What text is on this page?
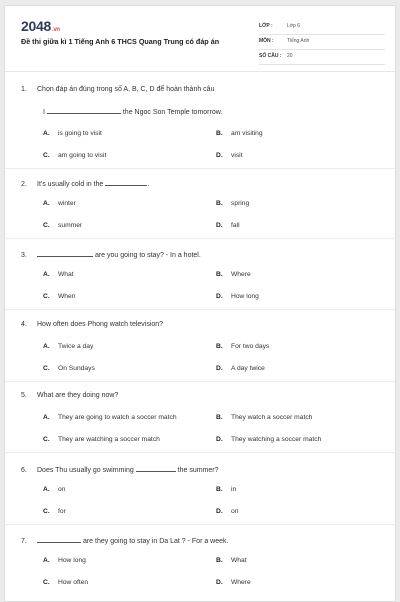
2048.vn
Đề thi giữa kì 1 Tiếng Anh 6 THCS Quang Trung có đáp án
LỚP :	Lớp 6
MÔN :	Tiếng Anh
SỐ CÂU :	20
1. Chọn đáp án đúng trong số A, B, C, D để hoàn thành câu
I	the Ngoc Son Temple tomorrow.
A. is going to visit	B. am visiting
C. am going to visit	D. visit
2. It's usually cold in the	.
A. winter	B. spring
C. summer	D. fall
3.	are you going to stay? - In a hotel.
A. What	B. Where
C. When	D. How long
4. How often does Phong watch television?
A. Twice a day	B. For two days
C. On Sundays	D. A day twice
5. What are they doing now?
A. They are going to watch a soccer match	B. They watch a soccer match
C. They are watching a soccer match	D. They watching a soccer match
6. Does Thu usually go swimming	the summer?
A. on	B. in
C. for	D. on
7.	are they going to stay in Da Lat ? - For a week.
A. How long	B. What
C. How often	D. Where
